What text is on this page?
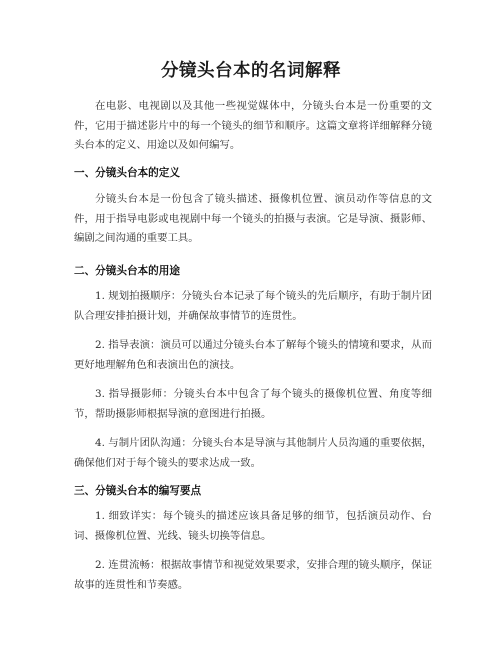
分镜头台本的名词解释

在电影、电视剧以及其他一些视觉媒体中，分镜头台本是一份重要的文件，它用于描述影片中的每一个镜头的细节和顺序。这篇文章将详细解释分镜头台本的定义、用途以及如何编写。

一、分镜头台本的定义

分镜头台本是一份包含了镜头描述、摄像机位置、演员动作等信息的文件，用于指导电影或电视剧中每一个镜头的拍摄与表演。它是导演、摄影师、编剧之间沟通的重要工具。

二、分镜头台本的用途

1. 规划拍摄顺序：分镜头台本记录了每个镜头的先后顺序，有助于制片团队合理安排拍摄计划，并确保故事情节的连贯性。

2. 指导表演：演员可以通过分镜头台本了解每个镜头的情境和要求，从而更好地理解角色和表演出色的演技。

3. 指导摄影师：分镜头台本中包含了每个镜头的摄像机位置、角度等细节，帮助摄影师根据导演的意图进行拍摄。

4. 与制片团队沟通：分镜头台本是导演与其他制片人员沟通的重要依据，确保他们对于每个镜头的要求达成一致。

三、分镜头台本的编写要点

1. 细致详实：每个镜头的描述应该具备足够的细节，包括演员动作、台词、摄像机位置、光线、镜头切换等信息。

2. 连贯流畅：根据故事情节和视觉效果要求，安排合理的镜头顺序，保证故事的连贯性和节奏感。
